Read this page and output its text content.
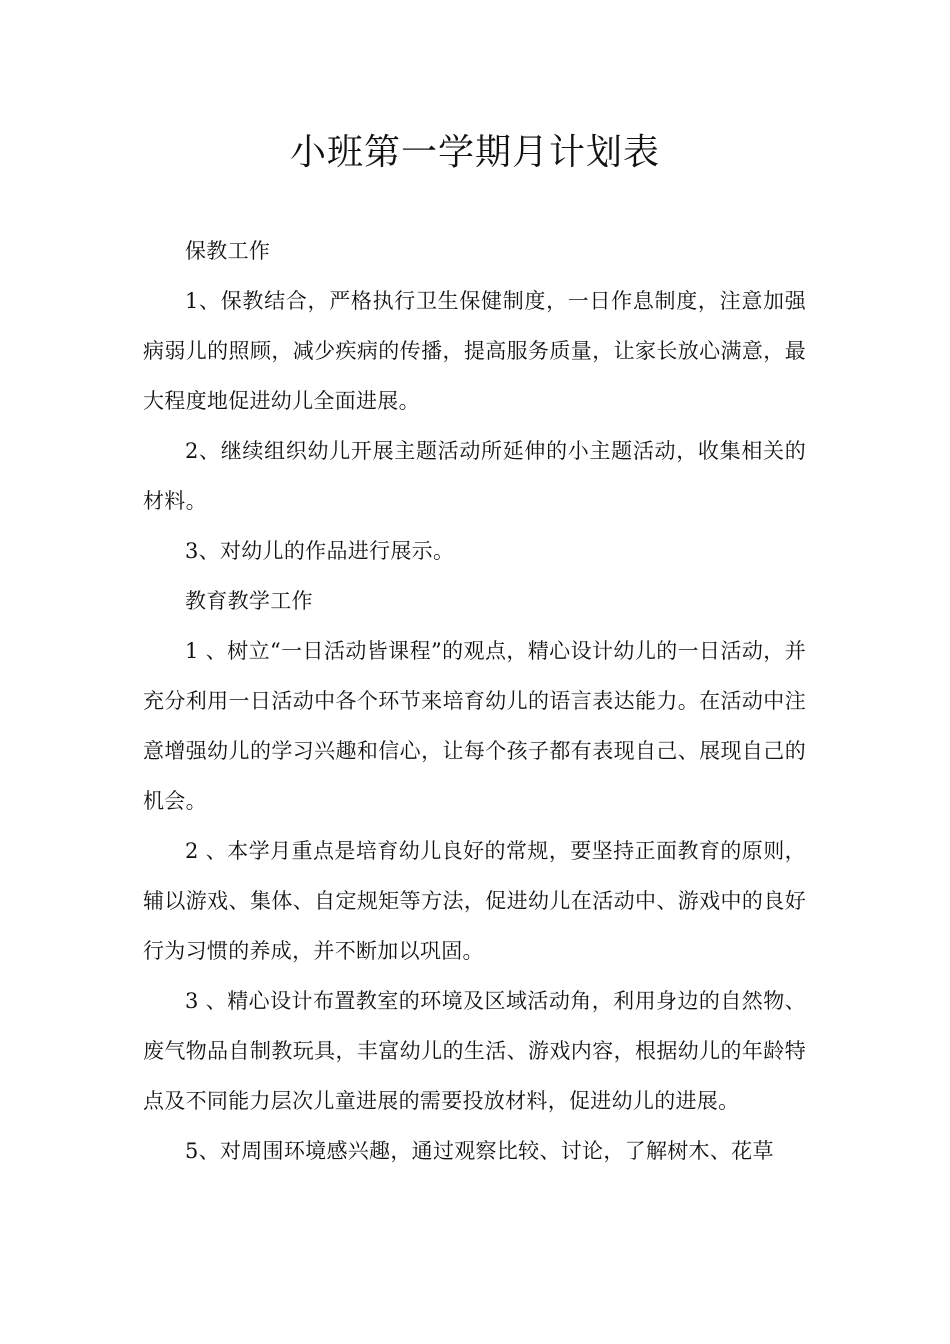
小班第一学期月计划表

保教工作

1、保教结合，严格执行卫生保健制度，一日作息制度，注意加强病弱儿的照顾，减少疾病的传播，提高服务质量，让家长放心满意，最大程度地促进幼儿全面进展。

2、继续组织幼儿开展主题活动所延伸的小主题活动，收集相关的材料。

3、对幼儿的作品进行展示。

教育教学工作

1 、树立“一日活动皆课程”的观点，精心设计幼儿的一日活动，并充分利用一日活动中各个环节来培育幼儿的语言表达能力。在活动中注意增强幼儿的学习兴趣和信心，让每个孩子都有表现自己、展现自己的机会。

2 、本学月重点是培育幼儿良好的常规，要坚持正面教育的原则，辅以游戏、集体、自定规矩等方法，促进幼儿在活动中、游戏中的良好行为习惯的养成，并不断加以巩固。

3 、精心设计布置教室的环境及区域活动角，利用身边的自然物、废气物品自制教玩具，丰富幼儿的生活、游戏内容，根据幼儿的年龄特点及不同能力层次儿童进展的需要投放材料，促进幼儿的进展。

5、对周围环境感兴趣，通过观察比较、讨论，了解树木、花草
